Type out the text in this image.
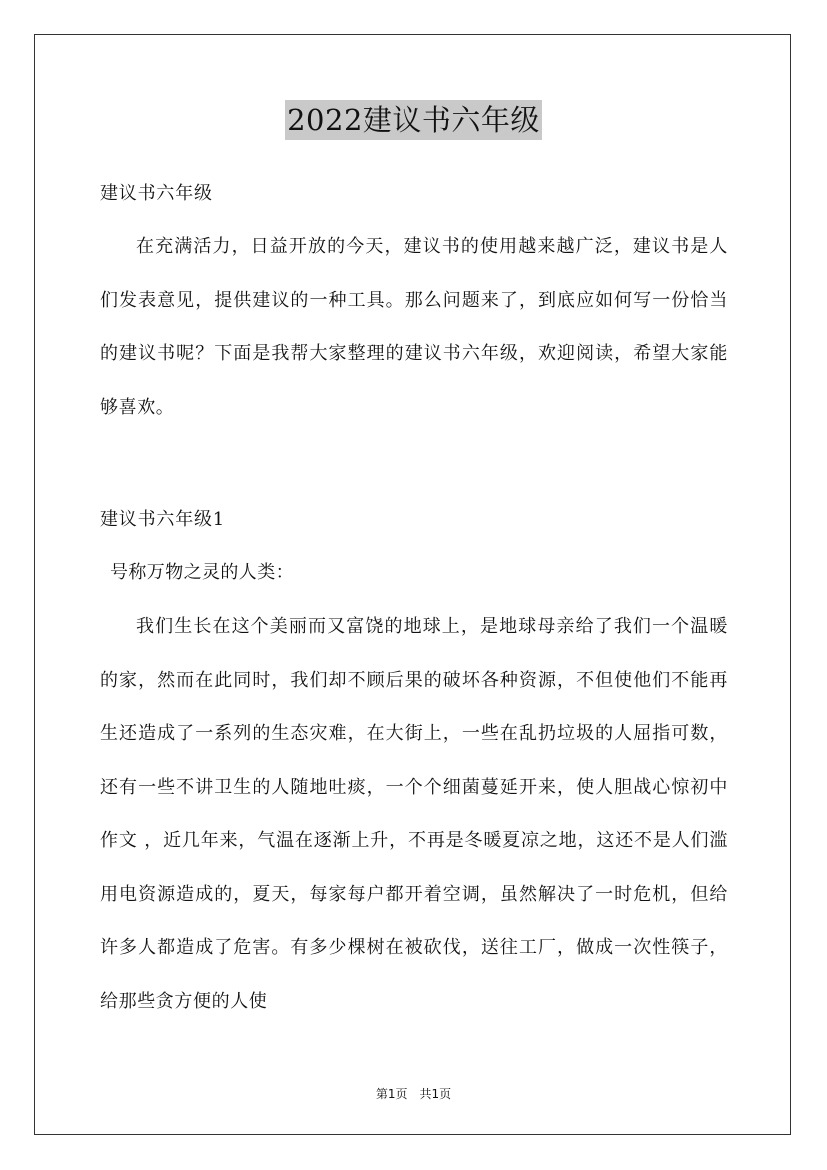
2022建议书六年级

建议书六年级

在充满活力，日益开放的今天，建议书的使用越来越广泛，建议书是人们发表意见，提供建议的一种工具。那么问题来了，到底应如何写一份恰当的建议书呢？下面是我帮大家整理的建议书六年级，欢迎阅读，希望大家能够喜欢。

建议书六年级1

号称万物之灵的人类：

我们生长在这个美丽而又富饶的地球上，是地球母亲给了我们一个温暖的家，然而在此同时，我们却不顾后果的破坏各种资源，不但使他们不能再生还造成了一系列的生态灾难，在大街上，一些在乱扔垃圾的人屈指可数，还有一些不讲卫生的人随地吐痰，一个个细菌蔓延开来，使人胆战心惊初中作文 ，近几年来，气温在逐渐上升，不再是冬暖夏凉之地，这还不是人们滥用电资源造成的，夏天，每家每户都开着空调，虽然解决了一时危机，但给许多人都造成了危害。有多少棵树在被砍伐，送往工厂，做成一次性筷子，给那些贪方便的人使

第1页 共1页
